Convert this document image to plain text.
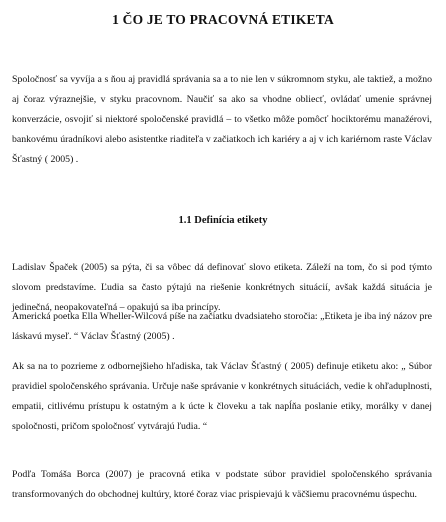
1 ČO JE TO PRACOVNÁ ETIKETA

Spoločnosť sa vyvíja a s ňou aj pravidlá správania sa a to nie len v súkromnom styku, ale taktiež, a možno aj čoraz výraznejšie, v styku pracovnom. Naučiť sa ako sa vhodne obliecť, ovládať umenie správnej konverzácie, osvojiť si niektoré spoločenské pravidlá – to všetko môže pomôcť hociktorému manažérovi, bankovému úradníkovi alebo asistentke riaditeľa v začiatkoch ich kariéry a aj v ich kariérnom raste Václav Šťastný ( 2005) .

1.1 Definícia etikety

Ladislav Špaček (2005) sa pýta, či sa vôbec dá definovať slovo etiketa. Záleží na tom, čo si pod týmto slovom predstavíme. Ľudia sa často pýtajú na riešenie konkrétnych situácií, avšak každá situácia je jedinečná, neopakovateľná – opakujú sa iba princípy.

Americká poetka Ella Wheller-Wilcová píše na začiatku dvadsiateho storočia: „Etiketa je iba iný názov pre láskavú myseľ. “ Václav Šťastný (2005) .

Ak sa na to pozrieme z odbornejšieho hľadiska, tak Václav Šťastný ( 2005) definuje etiketu ako: „ Súbor pravidiel spoločenského správania. Určuje naše správanie v konkrétnych situáciách, vedie k ohľaduplnosti, empatii, citlivému prístupu k ostatným a k úcte k človeku a tak napĺňa poslanie etiky, morálky v danej spoločnosti, pričom spoločnosť vytvárajú ľudia. “

Podľa Tomáša Borca (2007) je pracovná etika v podstate súbor pravidiel spoločenského správania transformovaných do obchodnej kultúry, ktoré čoraz viac prispievajú k väčšiemu pracovnému úspechu.
